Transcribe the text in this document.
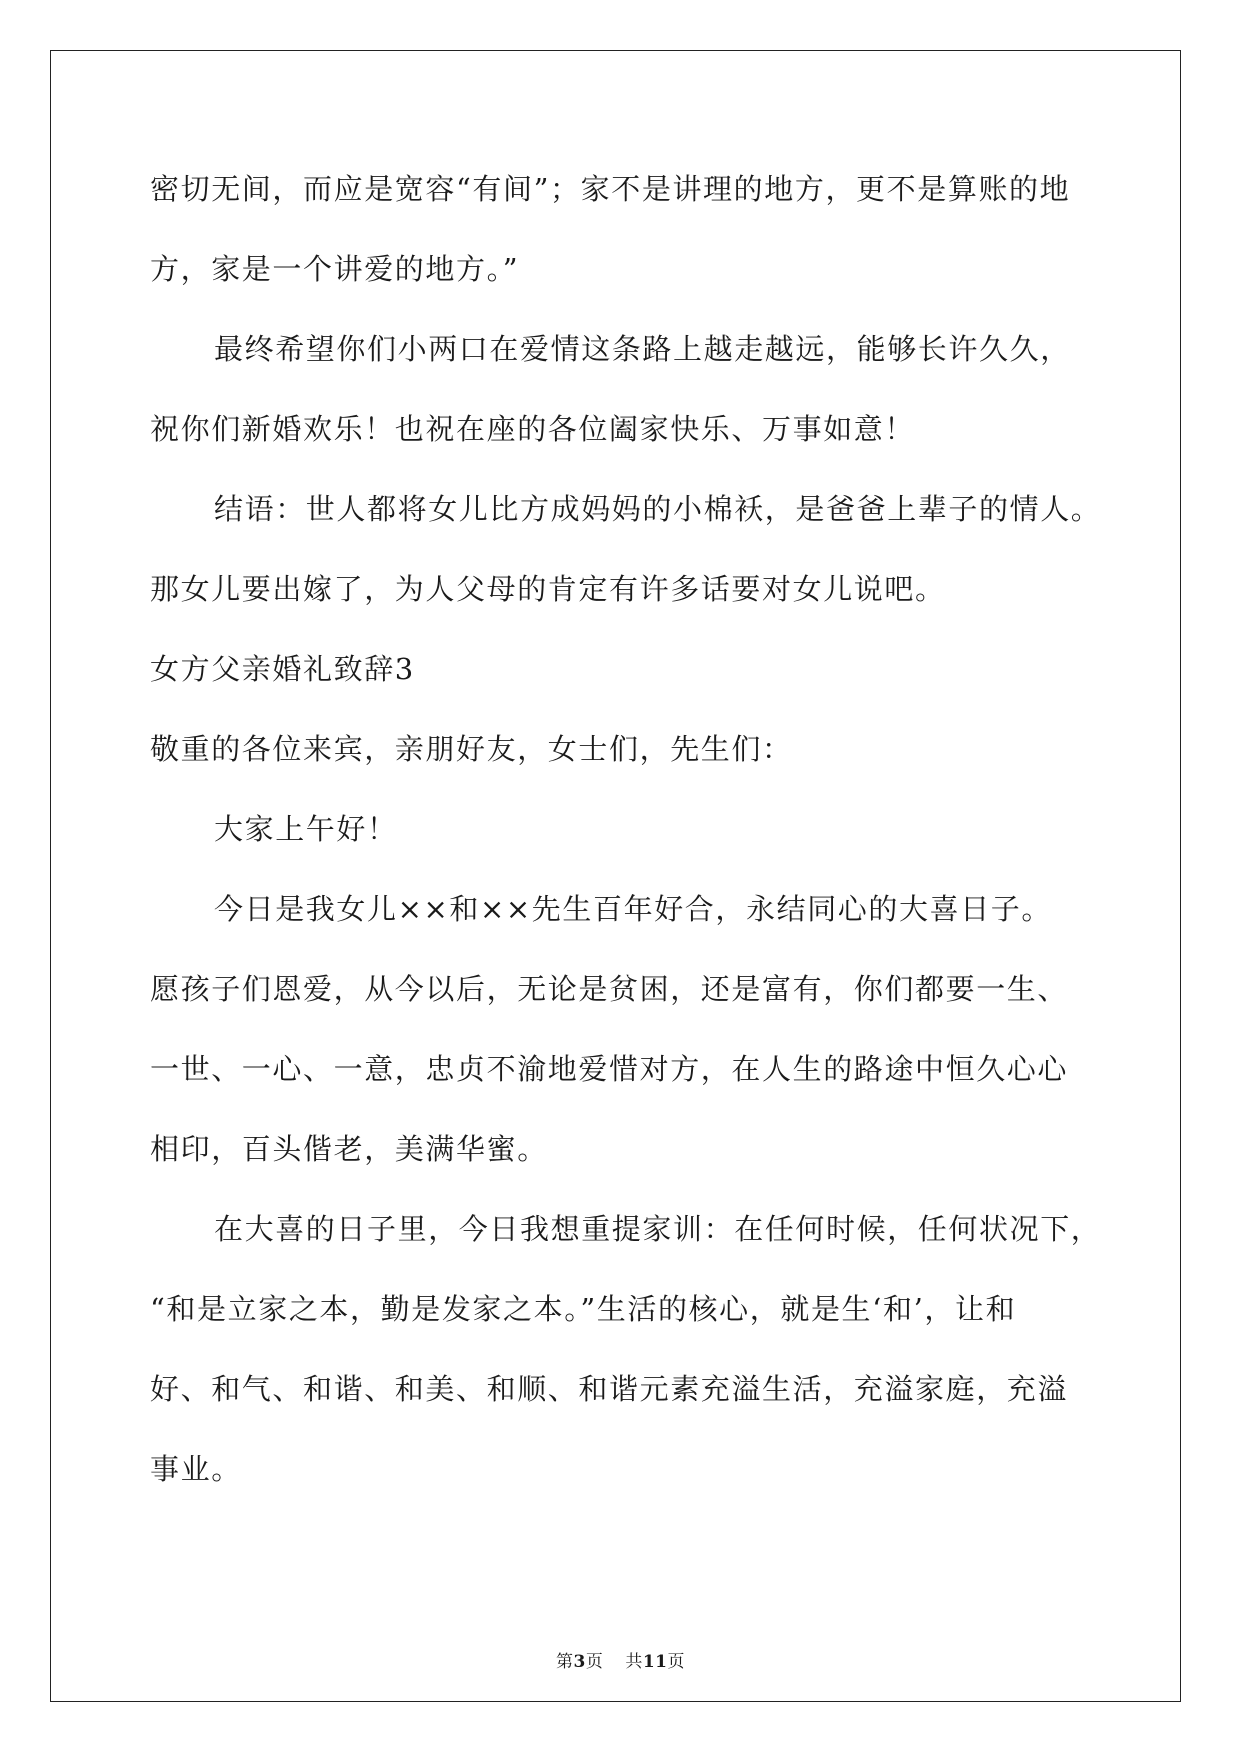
密切无间，而应是宽容“有间”；家不是讲理的地方，更不是算账的地
方，家是一个讲爱的地方。”
最终希望你们小两口在爱情这条路上越走越远，能够长许久久，
祝你们新婚欢乐！也祝在座的各位阖家快乐、万事如意！
结语：世人都将女儿比方成妈妈的小棉袄，是爸爸上辈子的情人。
那女儿要出嫁了，为人父母的肯定有许多话要对女儿说吧。
女方父亲婚礼致辞3
敬重的各位来宾，亲朋好友，女士们，先生们：
大家上午好！
今日是我女儿××和××先生百年好合，永结同心的大喜日子。
愿孩子们恩爱，从今以后，无论是贫困，还是富有，你们都要一生、
一世、一心、一意，忠贞不渝地爱惜对方，在人生的路途中恒久心心
相印，百头偕老，美满华蜜。
在大喜的日子里，今日我想重提家训：在任何时候，任何状况下，
“和是立家之本，勤是发家之本。”生活的核心，就是生‘和’，让和
好、和气、和谐、和美、和顺、和谐元素充溢生活，充溢家庭，充溢
事业。
第3页 共11页
